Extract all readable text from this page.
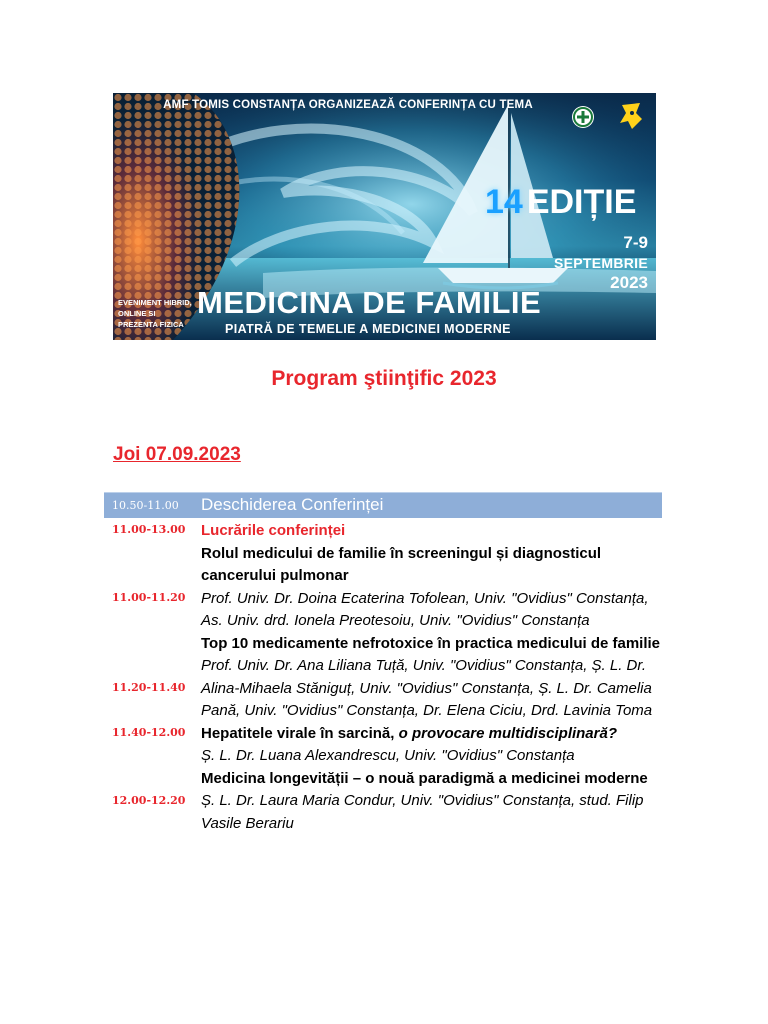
AMF TOMIS CONSTANȚA ORGANIZEAZĂ CONFERINȚA CU TEMA
14 EDIȚIE
7-9
SEPTEMBRIE
2023
EVENIMENT HIBRID,
ONLINE SI
PREZENTA FIZICA
MEDICINA DE FAMILIE
PIATRĂ DE TEMELIE A MEDICINEI MODERNE
Program ştiinţific 2023
Joi 07.09.2023
10.50-11.00 Deschiderea Conferinței
11.00-13.00	Lucrările conferinței
11.00-11.20
Rolul medicului de familie în screeningul și diagnosticul cancerului pulmonar
Prof. Univ. Dr. Doina Ecaterina Tofolean, Univ. "Ovidius" Constanța, As. Univ. drd. Ionela Preotesoiu, Univ. "Ovidius" Constanța
11.20-11.40
Top 10 medicamente nefrotoxice în practica medicului de familie
Prof. Univ. Dr. Ana Liliana Tuță, Univ. "Ovidius" Constanța, Ș. L. Dr. Alina-Mihaela Stăniguț, Univ. "Ovidius" Constanța, Ș. L. Dr. Camelia Pană, Univ. "Ovidius" Constanța, Dr. Elena Ciciu, Drd. Lavinia Toma
11.40-12.00	Hepatitele virale în sarcină, o provocare multidisciplinară?
Ș. L. Dr. Luana Alexandrescu, Univ. "Ovidius" Constanța
12.00-12.20
Medicina longevității – o nouă paradigmă a medicinei moderne
Ș. L. Dr. Laura Maria Condur, Univ. "Ovidius" Constanța, stud. Filip Vasile Berariu
